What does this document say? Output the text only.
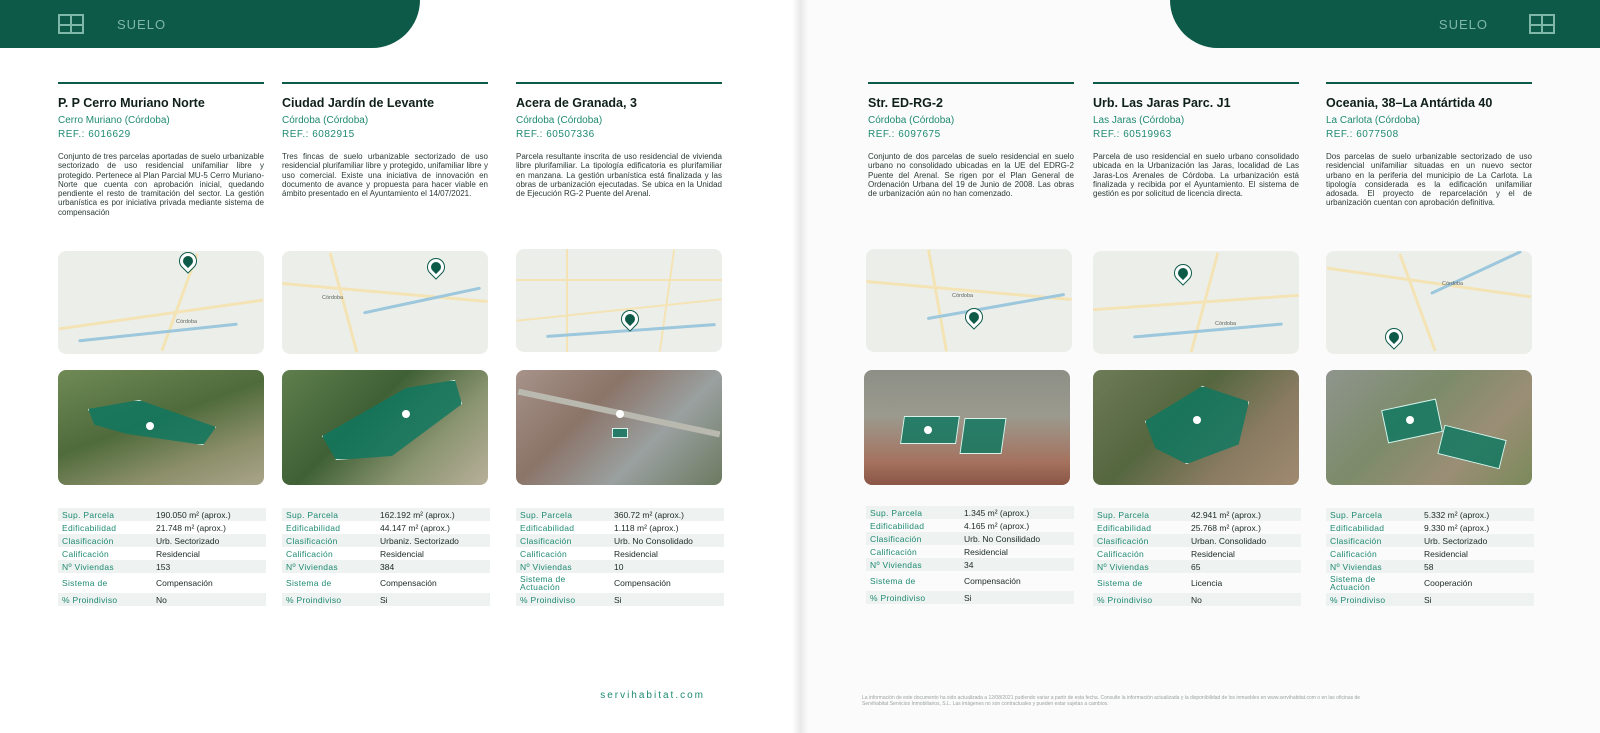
SUELO
P. P Cerro Muriano Norte
Cerro Muriano (Córdoba)
REF.: 6016629
Conjunto de tres parcelas aportadas de suelo urbanizable sectorizado de uso residencial unifamiliar libre y protegido. Pertenece al Plan Parcial MU-5 Cerro Muriano-Norte que cuenta con aprobación inicial, quedando pendiente el resto de tramitación del sector. La gestión urbanística es por iniciativa privada mediante sistema de compensación
Córdoba
Sup. Parcela	190.050 m² (aprox.)
Edificabilidad	21.748 m² (aprox.)
Clasificación	Urb. Sectorizado
Calificación	Residencial
Nº Viviendas	153
Sistema de	Compensación
% Proindiviso	No
Ciudad Jardín de Levante
Córdoba (Córdoba)
REF.: 6082915
Tres fincas de suelo urbanizable sectorizado de uso residencial plurifamiliar libre y protegido, unifamiliar libre y uso comercial. Existe una iniciativa de innovación en documento de avance y propuesta para hacer viable en ámbito presentado en el Ayuntamiento el 14/07/2021.
Córdoba
Sup. Parcela	162.192 m² (aprox.)
Edificabilidad	44.147 m² (aprox.)
Clasificación	Urbaniz. Sectorizado
Calificación	Residencial
Nº Viviendas	384
Sistema de	Compensación
% Proindiviso	Si
Acera de Granada, 3
Córdoba (Córdoba)
REF.: 60507336
Parcela resultante inscrita de uso residencial de vivienda libre plurifamiliar. La tipología edificatoria es plurifamiliar en manzana. La gestión urbanística está finalizada y las obras de urbanización ejecutadas. Se ubica en la Unidad de Ejecución RG-2 Puente del Arenal.
Sup. Parcela	360.72 m² (aprox.)
Edificabilidad	1.118 m² (aprox.)
Clasificación	Urb. No Consolidado
Calificación	Residencial
Nº Viviendas	10
Sistema de Actuación	Compensación
% Proindiviso	Si
servihabitat.com
SUELO
Str. ED-RG-2
Córdoba (Córdoba)
REF.: 6097675
Conjunto de dos parcelas de suelo residencial en suelo urbano no consolidado ubicadas en la UE del EDRG-2 Puente del Arenal. Se rigen por el Plan General de Ordenación Urbana del 19 de Junio de 2008. Las obras de urbanización aún no han comenzado.
Córdoba
Sup. Parcela	1.345 m² (aprox.)
Edificabilidad	4.165 m² (aprox.)
Clasificación	Urb. No Consilidado
Calificación	Residencial
Nº Viviendas	34
Sistema de	Compensación
% Proindiviso	Si
Urb. Las Jaras Parc. J1
Las Jaras (Córdoba)
REF.: 60519963
Parcela de uso residencial en suelo urbano consolidado ubicada en la Urbanización las Jaras, localidad de Las Jaras-Los Arenales de Córdoba. La urbanización está finalizada y recibida por el Ayuntamiento. El sistema de gestión es por solicitud de licencia directa.
Córdoba
Sup. Parcela	42.941 m² (aprox.)
Edificabilidad	25.768 m² (aprox.)
Clasificación	Urban. Consolidado
Calificación	Residencial
Nº Viviendas	65
Sistema de	Licencia
% Proindiviso	No
Oceania, 38–La Antártida 40
La Carlota (Córdoba)
REF.: 6077508
Dos parcelas de suelo urbanizable sectorizado de uso residencial unifamiliar situadas en un nuevo sector urbano en la periferia del municipio de La Carlota. La tipología considerada es la edificación unifamiliar adosada. El proyecto de reparcelación y el de urbanización cuentan con aprobación definitiva.
Córdoba
Sup. Parcela	5.332 m² (aprox.)
Edificabilidad	9.330 m² (aprox.)
Clasificación	Urb. Sectorizado
Calificación	Residencial
Nº Viviendas	58
Sistema de Actuación	Cooperación
% Proindiviso	Si
La información de este documento ha sido actualizada a 12/08/2021 pudiendo variar a partir de esta fecha. Consulte la información actualizada y la disponibilidad de los inmuebles en www.servihabitat.com o en las oficinas de Servihabitat Servicios Inmobiliarios, S.L. Las imágenes no son contractuales y pueden estar sujetas a cambios.
